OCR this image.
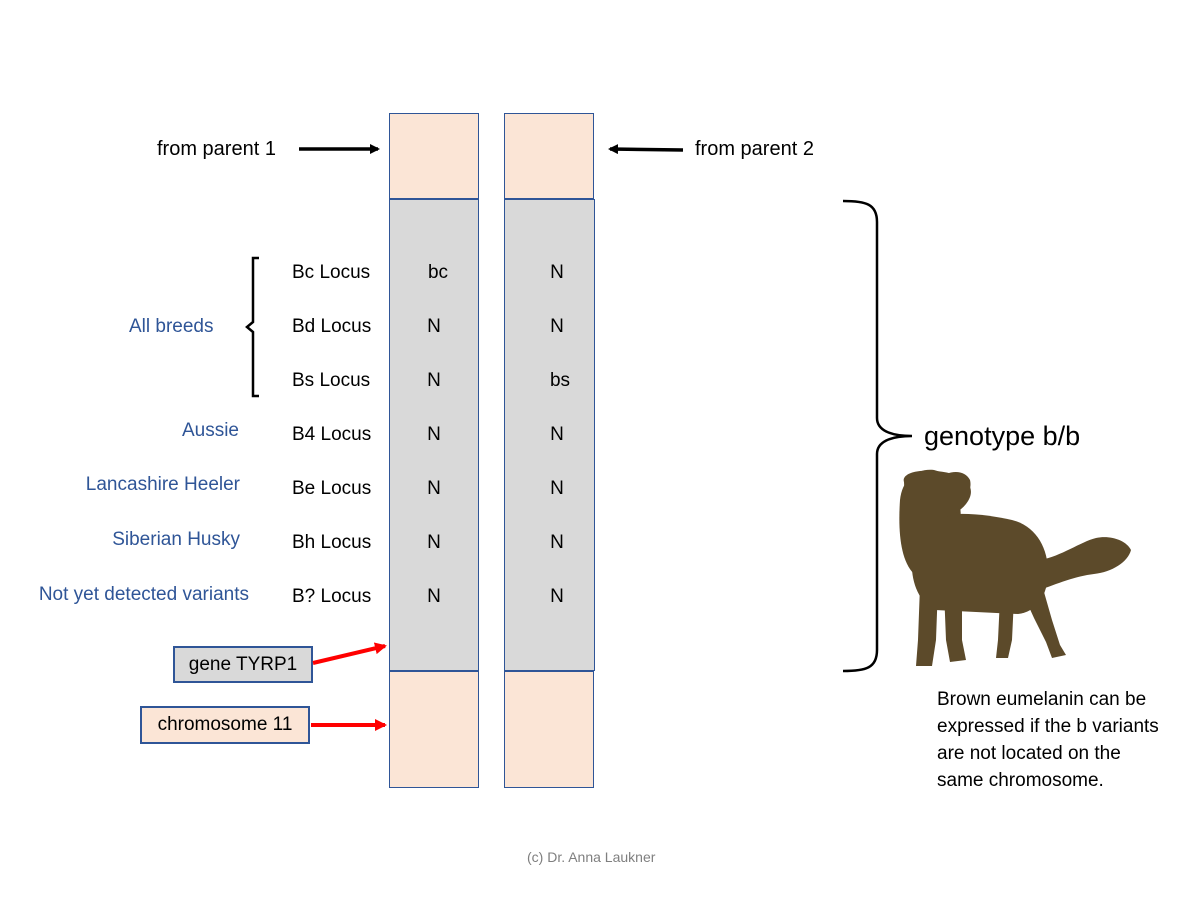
from parent 1	from parent 2
Bc Locus	bc	N
Bd Locus	N	N
Bs Locus	N	bs
B4 Locus	N	N
Be Locus	N	N
Bh Locus	N	N
B? Locus	N	N
All breeds
Aussie
Lancashire Heeler
Siberian Husky
Not yet detected variants
gene TYRP1
chromosome 11
genotype b/b
Brown eumelanin can be expressed if the b variants are not located on the same chromosome.
(c) Dr. Anna Laukner
